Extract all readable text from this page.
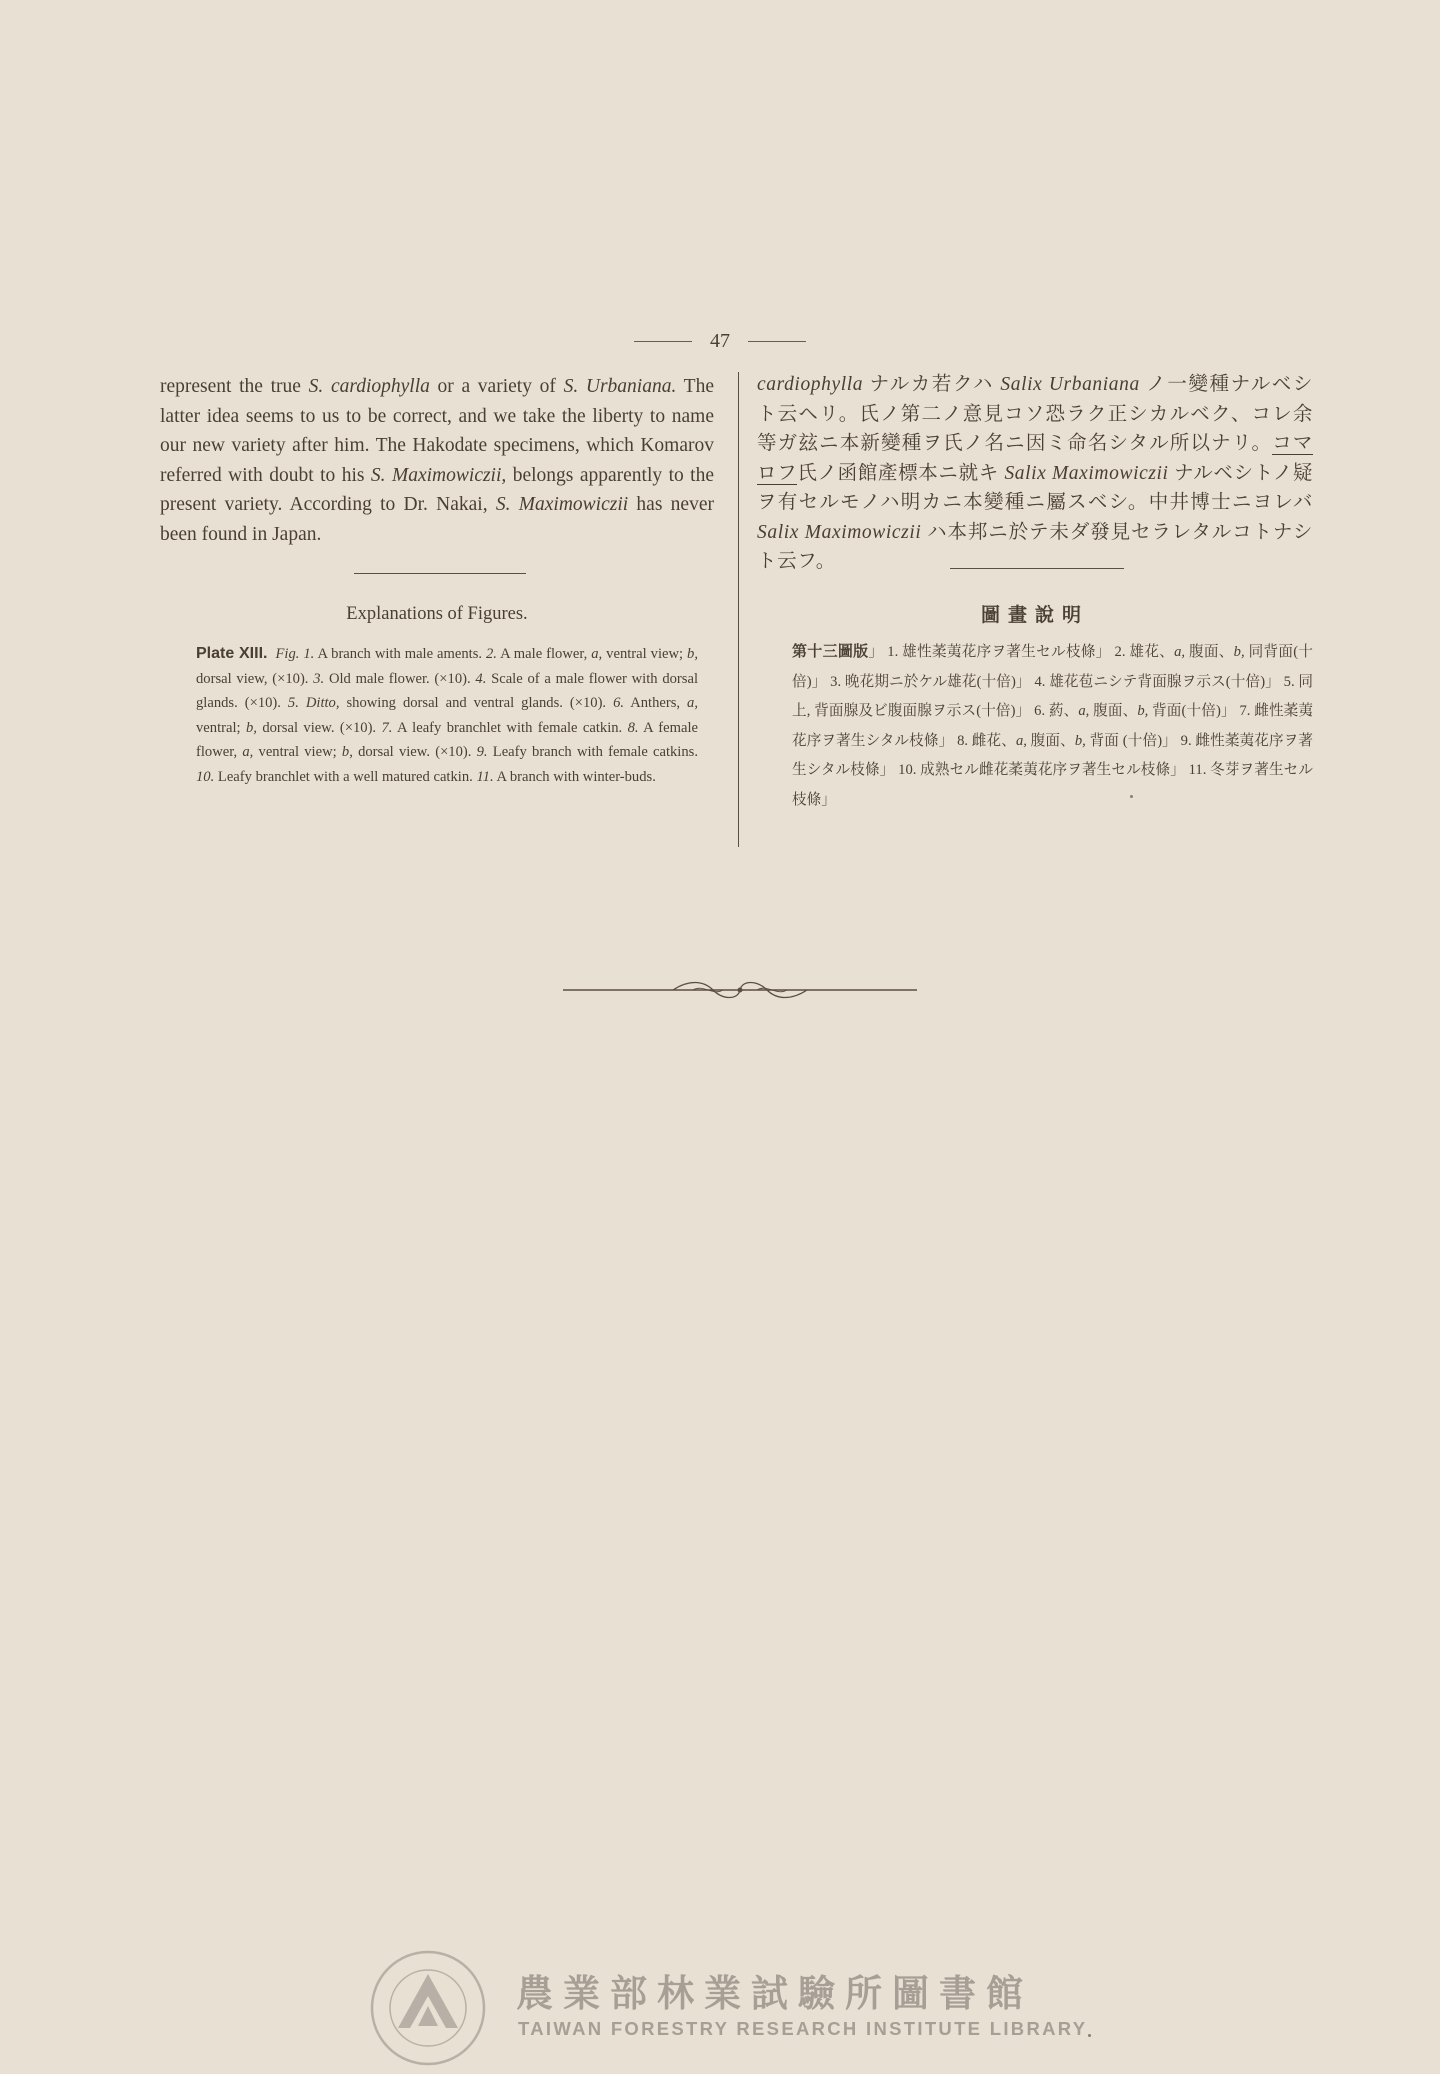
47

represent the true S. cardiophylla or a variety of S. Urbaniana. The latter idea seems to us to be correct, and we take the liberty to name our new variety after him. The Hakodate specimens, which Komarov referred with doubt to his S. Maximowiczii, belongs apparently to the present variety. According to Dr. Nakai, S. Maximowiczii has never been found in Japan.

cardiophylla ナルカ若クハ Salix Urbaniana ノ一變種ナルベシト云ヘリ。氏ノ第二ノ意見コソ恐ラク正シカルベク、コレ余等ガ玆ニ本新變種ヲ氏ノ名ニ因ミ命名シタル所以ナリ。コマロフ氏ノ函館產標本ニ就キ Salix Maximowiczii ナルベシトノ疑ヲ有セルモノハ明カニ本變種ニ屬スベシ。中井博士ニヨレバ Salix Maximowiczii ハ本邦ニ於テ未ダ發見セラレタルコトナシト云フ。

Explanations of Figures.	圖畫說明

Plate XIII. Fig. 1. A branch with male aments. 2. A male flower, a, ventral view; b, dorsal view, (×10). 3. Old male flower. (×10). 4. Scale of a male flower with dorsal glands. (×10). 5. Ditto, showing dorsal and ventral glands. (×10). 6. Anthers, a, ventral; b, dorsal view. (×10). 7. A leafy branchlet with female catkin. 8. A female flower, a, ventral view; b, dorsal view. (×10). 9. Leafy branch with female catkins. 10. Leafy branchlet with a well matured catkin. 11. A branch with winter-buds.

第十三圖版」 1. 雄性葇荑花序ヲ著生セル枝條」 2. 雄花、a, 腹面、b, 同背面(十倍)」 3. 晚花期ニ於ケル雄花(十倍)」 4. 雄花苞ニシテ背面腺ヲ示ス(十倍)」 5. 同上, 背面腺及ビ腹面腺ヲ示ス(十倍)」 6. 葯、a, 腹面、b, 背面(十倍)」 7. 雌性葇荑花序ヲ著生シタル枝條」 8. 雌花、a, 腹面、b, 背面 (十倍)」 9. 雌性葇荑花序ヲ著生シタル枝條」 10. 成熟セル雌花葇荑花序ヲ著生セル枝條」 11. 冬芽ヲ著生セル枝條」

農業部林業試驗所圖書館
TAIWAN FORESTRY RESEARCH INSTITUTE LIBRARY
